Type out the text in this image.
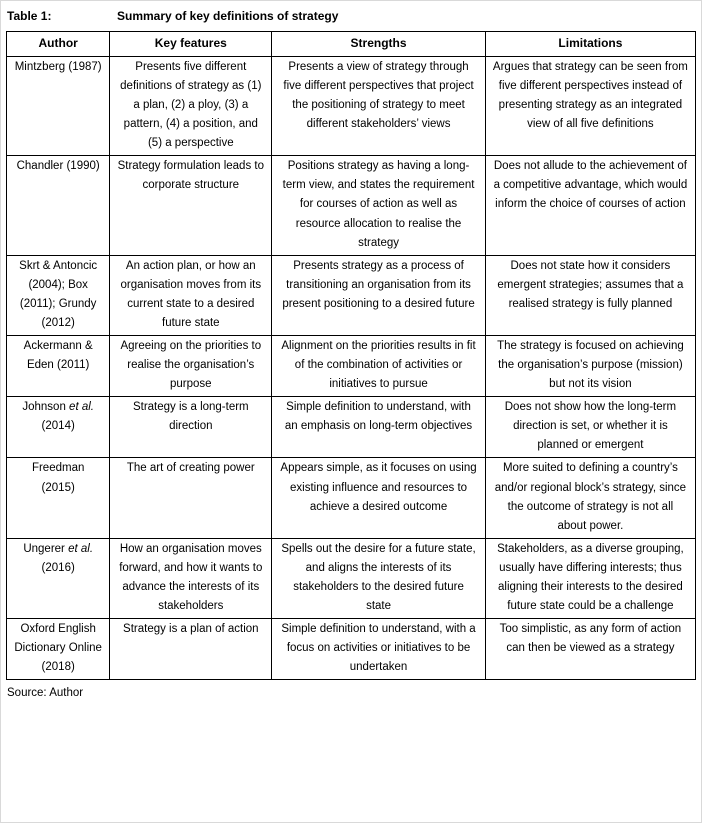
Table 1:	Summary of key definitions of strategy
Author	Key features	Strengths	Limitations
Mintzberg (1987)	Presents five different definitions of strategy as (1) a plan, (2) a ploy, (3) a pattern, (4) a position, and (5) a perspective	Presents a view of strategy through five different perspectives that project the positioning of strategy to meet different stakeholders’ views	Argues that strategy can be seen from five different perspectives instead of presenting strategy as an integrated view of all five definitions
Chandler (1990)	Strategy formulation leads to corporate structure	Positions strategy as having a long-term view, and states the requirement for courses of action as well as resource allocation to realise the strategy	Does not allude to the achievement of a competitive advantage, which would inform the choice of courses of action
Skrt & Antoncic (2004); Box (2011); Grundy (2012)	An action plan, or how an organisation moves from its current state to a desired future state	Presents strategy as a process of transitioning an organisation from its present positioning to a desired future	Does not state how it considers emergent strategies; assumes that a realised strategy is fully planned
Ackermann & Eden (2011)	Agreeing on the priorities to realise the organisation’s purpose	Alignment on the priorities results in fit of the combination of activities or initiatives to pursue	The strategy is focused on achieving the organisation’s purpose (mission) but not its vision
Johnson et al. (2014)	Strategy is a long-term direction	Simple definition to understand, with an emphasis on long-term objectives	Does not show how the long-term direction is set, or whether it is planned or emergent
Freedman (2015)	The art of creating power	Appears simple, as it focuses on using existing influence and resources to achieve a desired outcome	More suited to defining a country’s and/or regional block’s strategy, since the outcome of strategy is not all about power.
Ungerer et al. (2016)	How an organisation moves forward, and how it wants to advance the interests of its stakeholders	Spells out the desire for a future state, and aligns the interests of its stakeholders to the desired future state	Stakeholders, as a diverse grouping, usually have differing interests; thus aligning their interests to the desired future state could be a challenge
Oxford English Dictionary Online (2018)	Strategy is a plan of action	Simple definition to understand, with a focus on activities or initiatives to be undertaken	Too simplistic, as any form of action can then be viewed as a strategy
Source: Author
